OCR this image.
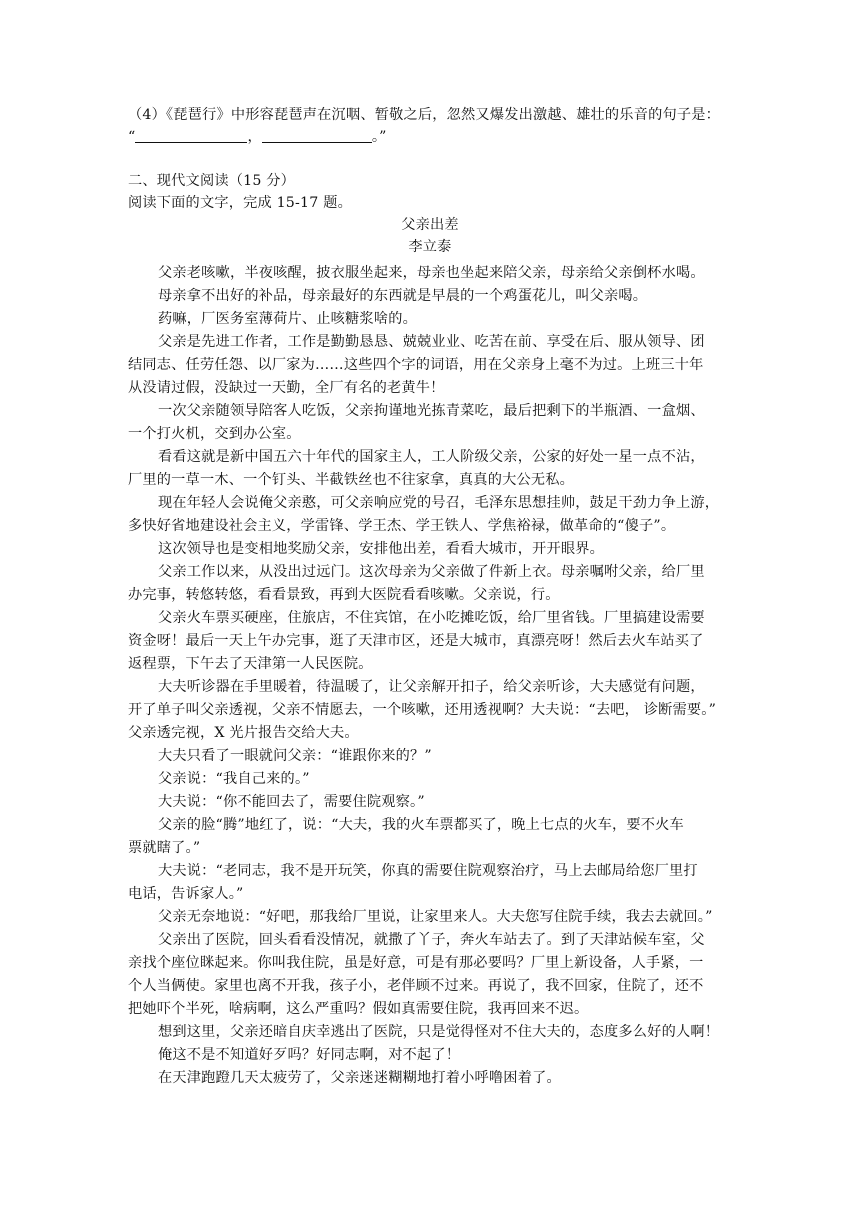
（4）《琵琶行》中形容琵琶声在沉咽、暂敬之后，忽然又爆发出激越、雄壮的乐音的句子是：
“	，	。”
二、现代文阅读（15 分）
阅读下面的文字，完成 15-17 题。
父亲出差
李立泰
父亲老咳嗽，半夜咳醒，披衣服坐起来，母亲也坐起来陪父亲，母亲给父亲倒杯水喝。
母亲拿不出好的补品，母亲最好的东西就是早晨的一个鸡蛋花儿，叫父亲喝。
药嘛，厂医务室薄荷片、止咳糖浆啥的。
父亲是先进工作者，工作是勤勤恳恳、兢兢业业、吃苦在前、享受在后、服从领导、团
结同志、任劳任怨、以厂家为……这些四个字的词语，用在父亲身上毫不为过。上班三十年
从没请过假，没缺过一天勤，全厂有名的老黄牛！
一次父亲随领导陪客人吃饭，父亲拘谨地光拣青菜吃，最后把剩下的半瓶酒、一盒烟、
一个打火机，交到办公室。
看看这就是新中国五六十年代的国家主人，工人阶级父亲，公家的好处一星一点不沾，
厂里的一草一木、一个钉头、半截铁丝也不往家拿，真真的大公无私。
现在年轻人会说俺父亲憨，可父亲响应党的号召，毛泽东思想挂帅，鼓足干劲力争上游，
多快好省地建设社会主义，学雷锋、学王杰、学王铁人、学焦裕禄，做革命的“傻子”。
这次领导也是变相地奖励父亲，安排他出差，看看大城市，开开眼界。
父亲工作以来，从没出过远门。这次母亲为父亲做了件新上衣。母亲嘱咐父亲，给厂里
办完事，转悠转悠，看看景致，再到大医院看看咳嗽。父亲说，行。
父亲火车票买硬座，住旅店，不住宾馆，在小吃摊吃饭，给厂里省钱。厂里搞建设需要
资金呀！最后一天上午办完事，逛了天津市区，还是大城市，真漂亮呀！然后去火车站买了
返程票，下午去了天津第一人民医院。
大夫听诊器在手里暖着，待温暖了，让父亲解开扣子，给父亲听诊，大夫感觉有问题，
开了单子叫父亲透视，父亲不情愿去，一个咳嗽，还用透视啊？大夫说：“去吧， 诊断需要。”
父亲透完视，X 光片报告交给大夫。
大夫只看了一眼就问父亲：“谁跟你来的？”
父亲说：“我自己来的。”
大夫说：“你不能回去了，需要住院观察。”
父亲的脸“腾”地红了，说：“大夫，我的火车票都买了，晚上七点的火车，要不火车
票就瞎了。”
大夫说：“老同志，我不是开玩笑，你真的需要住院观察治疗，马上去邮局给您厂里打
电话，告诉家人。”
父亲无奈地说：“好吧，那我给厂里说，让家里来人。大夫您写住院手续，我去去就回。”
父亲出了医院，回头看看没情况，就撒了丫子，奔火车站去了。到了天津站候车室，父
亲找个座位眯起来。你叫我住院，虽是好意，可是有那必要吗？厂里上新设备，人手紧，一
个人当俩使。家里也离不开我，孩子小，老伴顾不过来。再说了，我不回家，住院了，还不
把她吓个半死，啥病啊，这么严重吗？假如真需要住院，我再回来不迟。
想到这里，父亲还暗自庆幸逃出了医院，只是觉得怪对不住大夫的，态度多么好的人啊！
俺这不是不知道好歹吗？好同志啊，对不起了！
在天津跑蹬几天太疲劳了，父亲迷迷糊糊地打着小呼噜困着了。
